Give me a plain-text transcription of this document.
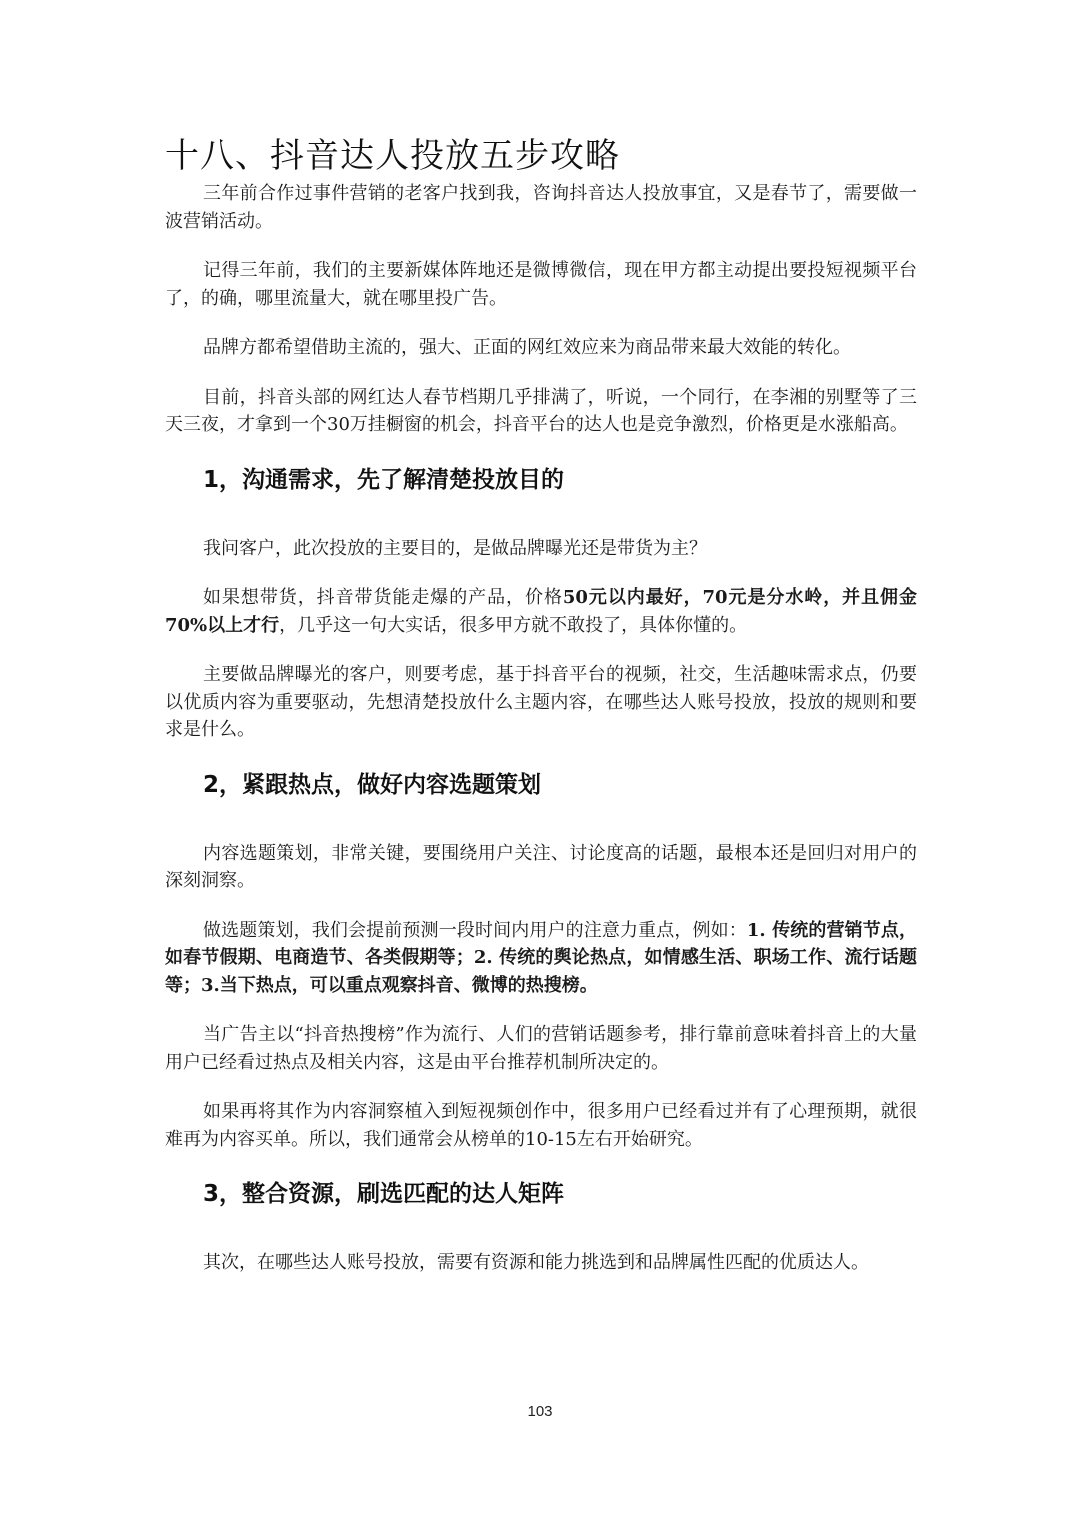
十八、抖音达人投放五步攻略

三年前合作过事件营销的老客户找到我，咨询抖音达人投放事宜，又是春节了，需要做一波营销活动。

记得三年前，我们的主要新媒体阵地还是微博微信，现在甲方都主动提出要投短视频平台了，的确，哪里流量大，就在哪里投广告。

品牌方都希望借助主流的，强大、正面的网红效应来为商品带来最大效能的转化。

目前，抖音头部的网红达人春节档期几乎排满了，听说，一个同行，在李湘的别墅等了三天三夜，才拿到一个30万挂橱窗的机会，抖音平台的达人也是竞争激烈，价格更是水涨船高。

1，沟通需求，先了解清楚投放目的

我问客户，此次投放的主要目的，是做品牌曝光还是带货为主？

如果想带货，抖音带货能走爆的产品，价格50元以内最好，70元是分水岭，并且佣金70%以上才行，几乎这一句大实话，很多甲方就不敢投了，具体你懂的。

主要做品牌曝光的客户，则要考虑，基于抖音平台的视频，社交，生活趣味需求点，仍要以优质内容为重要驱动，先想清楚投放什么主题内容，在哪些达人账号投放，投放的规则和要求是什么。

2，紧跟热点，做好内容选题策划

内容选题策划，非常关键，要围绕用户关注、讨论度高的话题，最根本还是回归对用户的深刻洞察。

做选题策划，我们会提前预测一段时间内用户的注意力重点，例如：1. 传统的营销节点，如春节假期、电商造节、各类假期等；2. 传统的舆论热点，如情感生活、职场工作、流行话题等；3.当下热点，可以重点观察抖音、微博的热搜榜。

当广告主以“抖音热搜榜”作为流行、人们的营销话题参考，排行靠前意味着抖音上的大量用户已经看过热点及相关内容，这是由平台推荐机制所决定的。

如果再将其作为内容洞察植入到短视频创作中，很多用户已经看过并有了心理预期，就很难再为内容买单。所以，我们通常会从榜单的10-15左右开始研究。

3，整合资源，刷选匹配的达人矩阵

其次，在哪些达人账号投放，需要有资源和能力挑选到和品牌属性匹配的优质达人。

103
